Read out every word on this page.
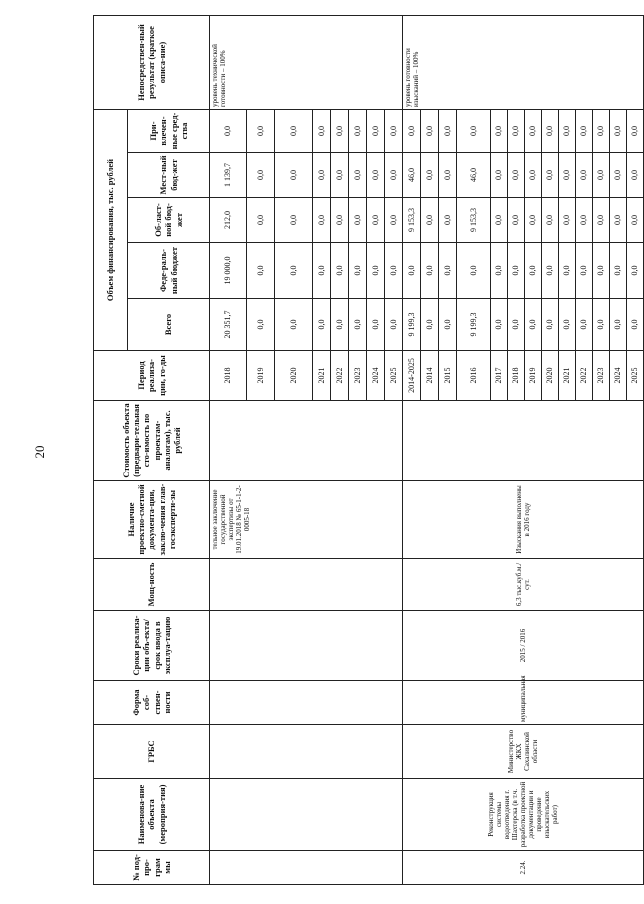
20
№ под-про-грам мы	Наименова-ние объекта (мероприя-тия)	ГРБС	Форма соб-ствен-ности	Сроки реализа-ции объ-екта/срок ввода в эксплуа-тацию	Мощ-ность	Наличие проектно-сметной документа-ции, заклю-чения глав-госэксперти-зы	Стоимость объекта (предвари-тельная сто-имость по проектам-аналогам), тыс. рублей	Период реализа-ции, го-ды	Объем финансирования, тыс. рублей					Непосредствен-ный результат (краткое описа-ние)
									Всего	Феде-раль-ный бюджет	Об-ласт-ной бюд-жет	Мест-ный бюд-жет	При-влечен-ные сред-ства	
						тельное заключение государственной экспертизы от 19.01.2018 № 65-1-1-2-0005-18		2018	20 351,7	19 000,0	212,0	1 139,7	0,0	уровень технической готовности – 100%
								2019	0,0	0,0	0,0	0,0	0,0	
								2020	0,0	0,0	0,0	0,0	0,0	
								2021	0,0	0,0	0,0	0,0	0,0	
								2022	0,0	0,0	0,0	0,0	0,0	
								2023	0,0	0,0	0,0	0,0	0,0	
								2024	0,0	0,0	0,0	0,0	0,0	
								2025	0,0	0,0	0,0	0,0	0,0	
2.24.	Реконструкция системы водоотведения г. Шахтерска (в т.ч. разработка проектной документации и проведение изыскательских работ)	Министерство ЖКХ Сахалинской области	муниципальная	2015 / 2016	6,3 тыс.куб.м./сут.	Изыскания выполнены в 2016 году		2014-2025	9 199,3	0,0	9 153,3	46,0	0,0	уровень готовности изысканий – 100%
								2014	0,0	0,0	0,0	0,0	0,0	
								2015	0,0	0,0	0,0	0,0	0,0	
								2016	9 199,3	0,0	9 153,3	46,0	0,0	
								2017	0,0	0,0	0,0	0,0	0,0	
								2018	0,0	0,0	0,0	0,0	0,0	
								2019	0,0	0,0	0,0	0,0	0,0	
								2020	0,0	0,0	0,0	0,0	0,0	
								2021	0,0	0,0	0,0	0,0	0,0	
								2022	0,0	0,0	0,0	0,0	0,0	
								2023	0,0	0,0	0,0	0,0	0,0	
								2024	0,0	0,0	0,0	0,0	0,0	
								2025	0,0	0,0	0,0	0,0	0,0	
